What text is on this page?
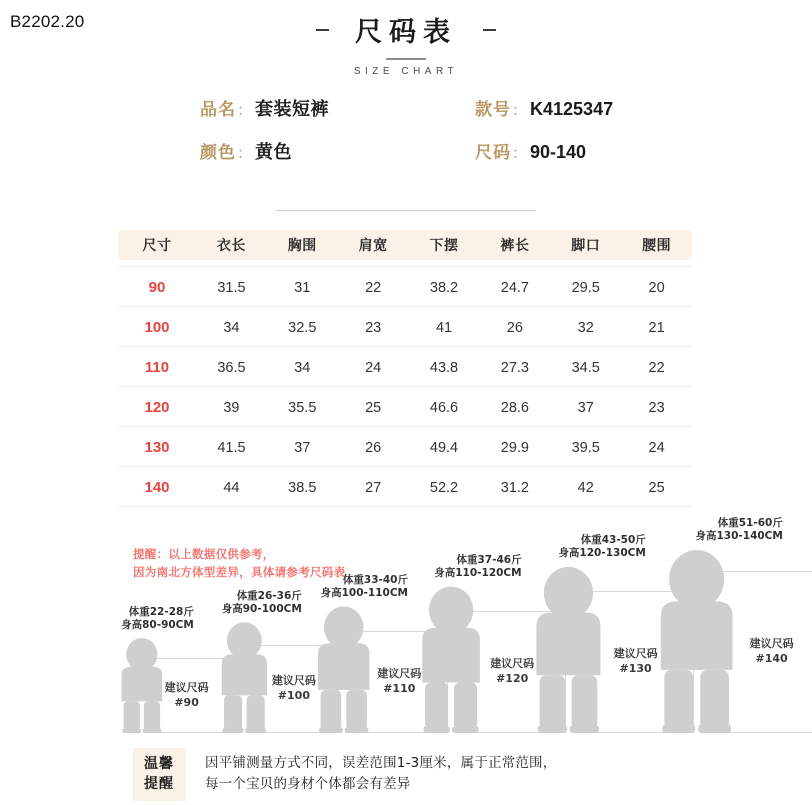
B2202.20	尺码表
SIZE CHART
品名 ： 套装短裤	款号 ： K4125347
颜色 ： 黄色	尺码 ： 90-140
尺寸	衣长	胸围	肩宽	下摆	裤长	脚口	腰围
90	31.5	31	22	38.2	24.7	29.5	20
100	34	32.5	23	41	26	32	21
110	36.5	34	24	43.8	27.3	34.5	22
120	39	35.5	25	46.6	28.6	37	23
130	41.5	37	26	49.4	29.9	39.5	24
140	44	38.5	27	52.2	31.2	42	25
提醒：以上数据仅供参考，
因为南北方体型差异，具体请参考尺码表
建议尺码
#90
体重22-28斤
身高80-90CM
建议尺码
#100
体重26-36斤
身高90-100CM
建议尺码
#110
体重33-40斤
身高100-110CM
建议尺码
#120
体重37-46斤
身高110-120CM
建议尺码
#130
体重43-50斤
身高120-130CM
建议尺码
#140
体重51-60斤
身高130-140CM
温馨
提醒
因平铺测量方式不同，误差范围1-3厘米，属于正常范围，
每一个宝贝的身材个体都会有差异
